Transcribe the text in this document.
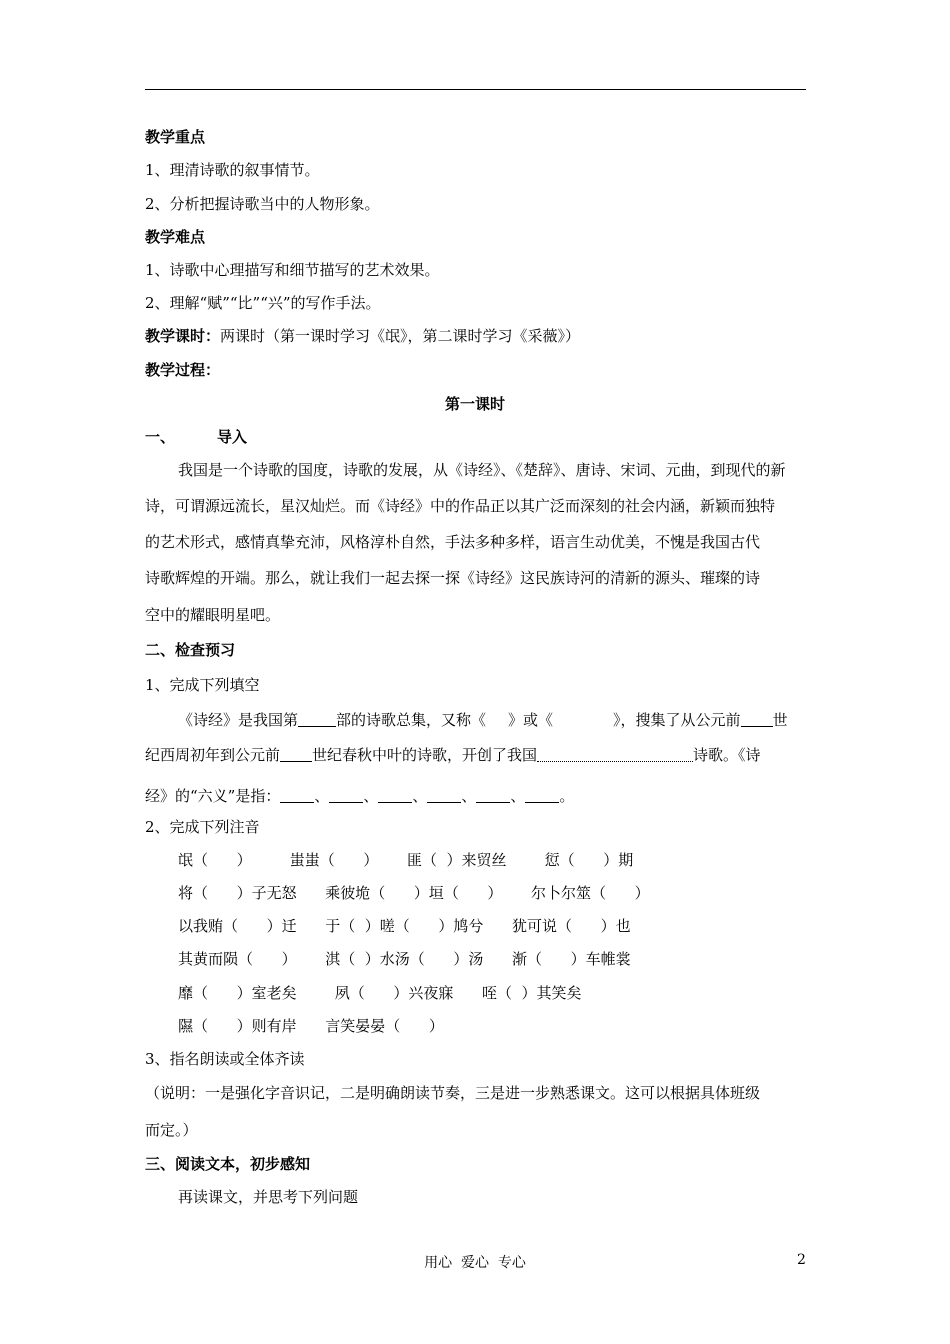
教学重点
1、理清诗歌的叙事情节。
2、分析把握诗歌当中的人物形象。
教学难点
1、诗歌中心理描写和细节描写的艺术效果。
2、理解“赋”“比”“兴”的写作手法。
教学课时：两课时（第一课时学习《氓》，第二课时学习《采薇》）
教学过程：
第一课时
一、	导入
我国是一个诗歌的国度，诗歌的发展，从《诗经》、《楚辞》、唐诗、宋词、元曲，到现代的新
诗，可谓源远流长，星汉灿烂。而《诗经》中的作品正以其广泛而深刻的社会内涵，新颖而独特
的艺术形式，感情真挚充沛，风格淳朴自然，手法多种多样，语言生动优美，不愧是我国古代
诗歌辉煌的开端。那么，就让我们一起去探一探《诗经》这民族诗河的清新的源头、璀璨的诗
空中的耀眼明星吧。
二、检查预习
1、完成下列填空
《诗经》是我国第	部的诗歌总集，又称《 》或《	》，搜集了从公元前 世
纪西周初年到公元前 世纪春秋中叶的诗歌，开创了我国	诗歌。《诗
经》的“六义”是指： 、 、 、 、 、 。
2、完成下列注音
氓（      ）        蚩蚩（      ）      匪（  ）来贸丝        愆（      ）期
将（      ）子无怒      乘彼垝（      ）垣（      ）      尔卜尔筮（      ）
以我贿（      ）迁      于（  ）嗟（      ）鸠兮      犹可说（      ）也
其黄而陨（      ）      淇（  ）水汤（      ）汤      渐（      ）车帷裳
靡（      ）室老矣        夙（      ）兴夜寐      咥（  ）其笑矣
隰（      ）则有岸      言笑晏晏（      ）
3、指名朗读或全体齐读
（说明：一是强化字音识记，二是明确朗读节奏，三是进一步熟悉课文。这可以根据具体班级
而定。）
三、阅读文本，初步感知
再读课文，并思考下列问题
用心  爱心  专心	2
